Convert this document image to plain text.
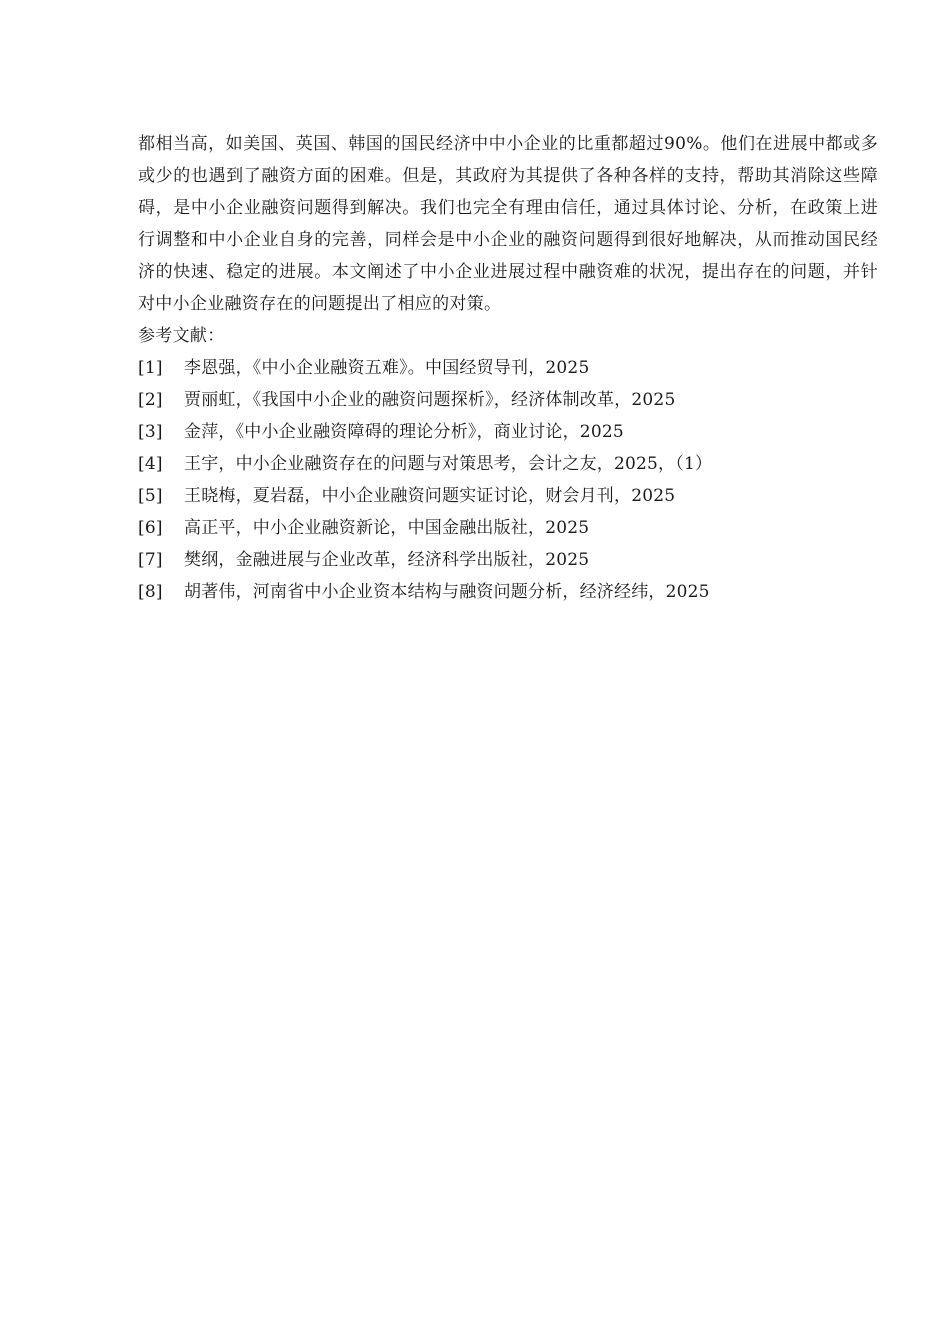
都相当高，如美国、英国、韩国的国民经济中中小企业的比重都超过90%。他们在进展中都或多或少的也遇到了融资方面的困难。但是，其政府为其提供了各种各样的支持，帮助其消除这些障碍，是中小企业融资问题得到解决。我们也完全有理由信任，通过具体讨论、分析，在政策上进行调整和中小企业自身的完善，同样会是中小企业的融资问题得到很好地解决，从而推动国民经济的快速、稳定的进展。本文阐述了中小企业进展过程中融资难的状况，提出存在的问题，并针对中小企业融资存在的问题提出了相应的对策。

参考文献：

[1]	李恩强，《中小企业融资五难》。中国经贸导刊，2025
[2]	贾丽虹，《我国中小企业的融资问题探析》，经济体制改革，2025
[3]	金萍，《中小企业融资障碍的理论分析》，商业讨论，2025
[4]	王宇，中小企业融资存在的问题与对策思考，会计之友，2025，（1）
[5]	王晓梅，夏岩磊，中小企业融资问题实证讨论，财会月刊，2025
[6]	高正平，中小企业融资新论，中国金融出版社，2025
[7]	樊纲，金融进展与企业改革，经济科学出版社，2025
[8]	胡著伟，河南省中小企业资本结构与融资问题分析，经济经纬，2025
